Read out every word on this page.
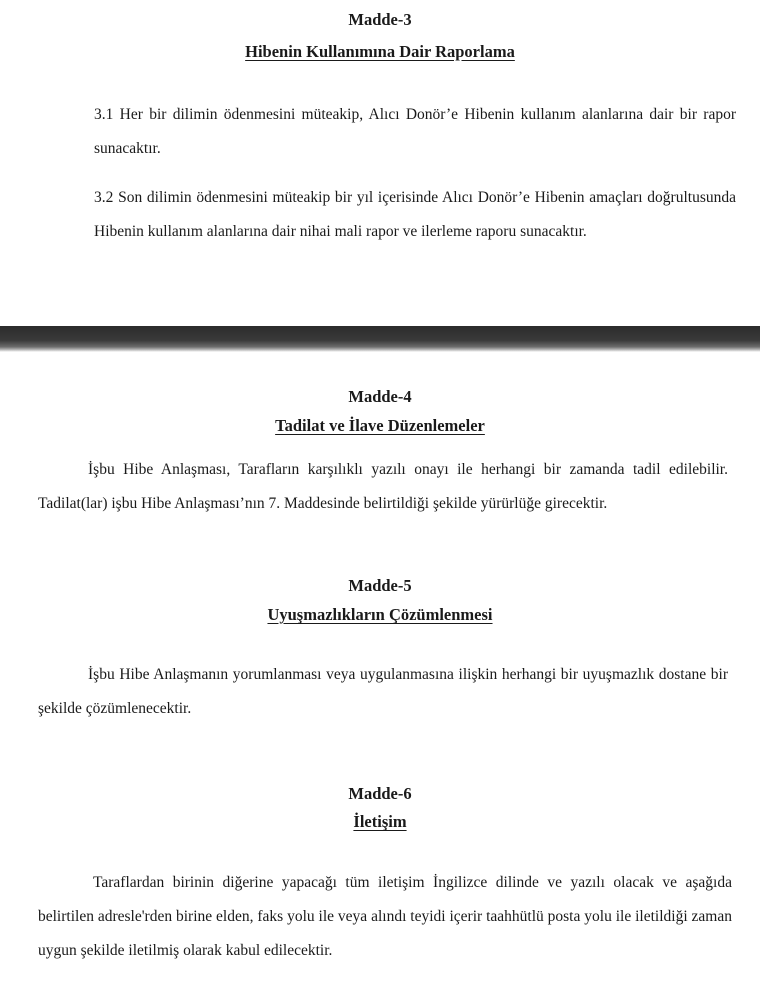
Madde-3
Hibenin Kullanımına Dair Raporlama

3.1 Her bir dilimin ödenmesini müteakip, Alıcı Donör’e Hibenin kullanım alanlarına dair bir rapor sunacaktır.

3.2 Son dilimin ödenmesini müteakip bir yıl içerisinde Alıcı Donör’e Hibenin amaçları doğrultusunda Hibenin kullanım alanlarına dair nihai mali rapor ve ilerleme raporu sunacaktır.

Madde-4
Tadilat ve İlave Düzenlemeler

İşbu Hibe Anlaşması, Tarafların karşılıklı yazılı onayı ile herhangi bir zamanda tadil edilebilir. Tadilat(lar) işbu Hibe Anlaşması’nın 7. Maddesinde belirtildiği şekilde yürürlüğe girecektir.

Madde-5
Uyuşmazlıkların Çözümlenmesi

İşbu Hibe Anlaşmanın yorumlanması veya uygulanmasına ilişkin herhangi bir uyuşmazlık dostane bir şekilde çözümlenecektir.

Madde-6
İletişim

Taraflardan birinin diğerine yapacağı tüm iletişim İngilizce dilinde ve yazılı olacak ve aşağıda belirtilen adresle'rden birine elden, faks yolu ile veya alındı teyidi içerir taahhütlü posta yolu ile iletildiği zaman uygun şekilde iletilmiş olarak kabul edilecektir.
